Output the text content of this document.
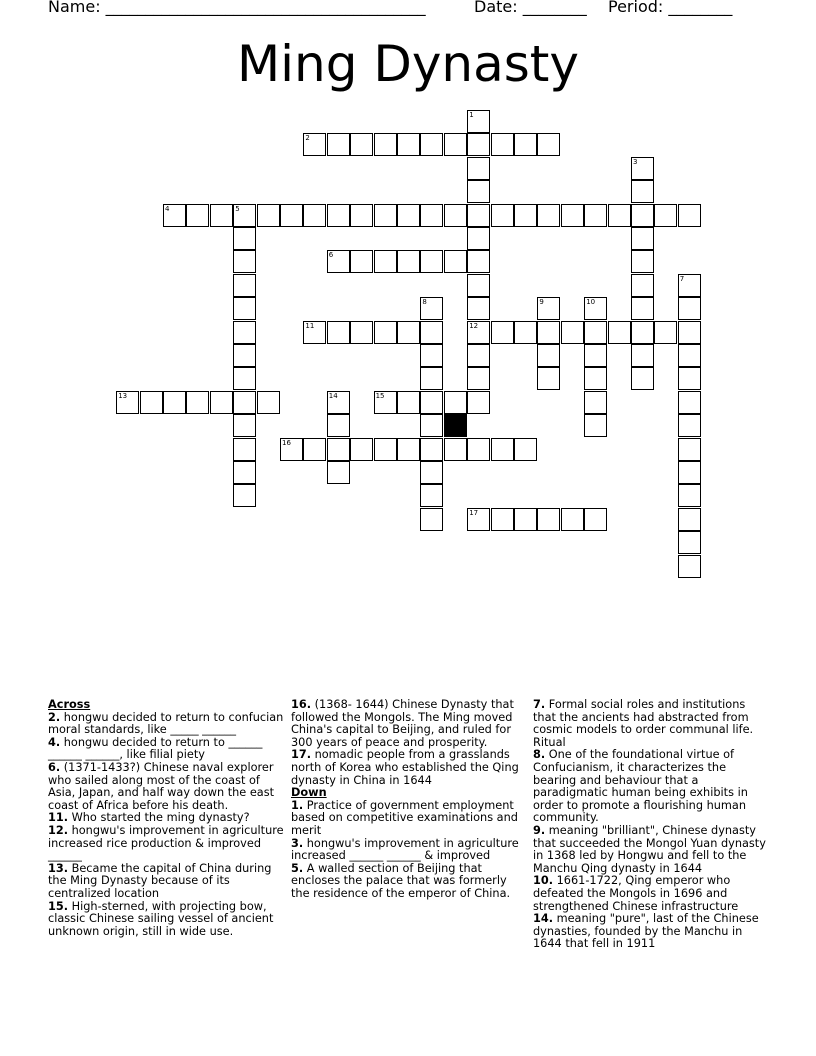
Name: ________________________________________	Date: ________ Period: ________
Ming Dynasty
1
12
2
3
4	5
6
7
8	9	10
11
13	14	15
16
17

Across

2. hongwu decided to return to confucian moral standards, like _____ ______

4. hongwu decided to return to ______ ______ ______, like filial piety

6. (1371-1433?) Chinese naval explorer who sailed along most of the coast of Asia, Japan, and half way down the east coast of Africa before his death.

11. Who started the ming dynasty?

12. hongwu's improvement in agriculture increased rice production & improved ______

13. Became the capital of China during the Ming Dynasty because of its centralized location

15. High-sterned, with projecting bow, classic Chinese sailing vessel of ancient unknown origin, still in wide use.

16. (1368- 1644) Chinese Dynasty that followed the Mongols. The Ming moved China's capital to Beijing, and ruled for 300 years of peace and prosperity.

17. nomadic people from a grasslands north of Korea who established the Qing dynasty in China in 1644

Down

1. Practice of government employment based on competitive examinations and merit

3. hongwu's improvement in agriculture increased ______ ______ & improved

5. A walled section of Beijing that encloses the palace that was formerly the residence of the emperor of China.

7. Formal social roles and institutions that the ancients had abstracted from cosmic models to order communal life. Ritual

8. One of the foundational virtue of Confucianism, it characterizes the bearing and behaviour that a paradigmatic human being exhibits in order to promote a flourishing human community.

9. meaning "brilliant", Chinese dynasty that succeeded the Mongol Yuan dynasty in 1368 led by Hongwu and fell to the Manchu Qing dynasty in 1644

10. 1661-1722, Qing emperor who defeated the Mongols in 1696 and strengthened Chinese infrastructure

14. meaning "pure", last of the Chinese dynasties, founded by the Manchu in 1644 that fell in 1911
